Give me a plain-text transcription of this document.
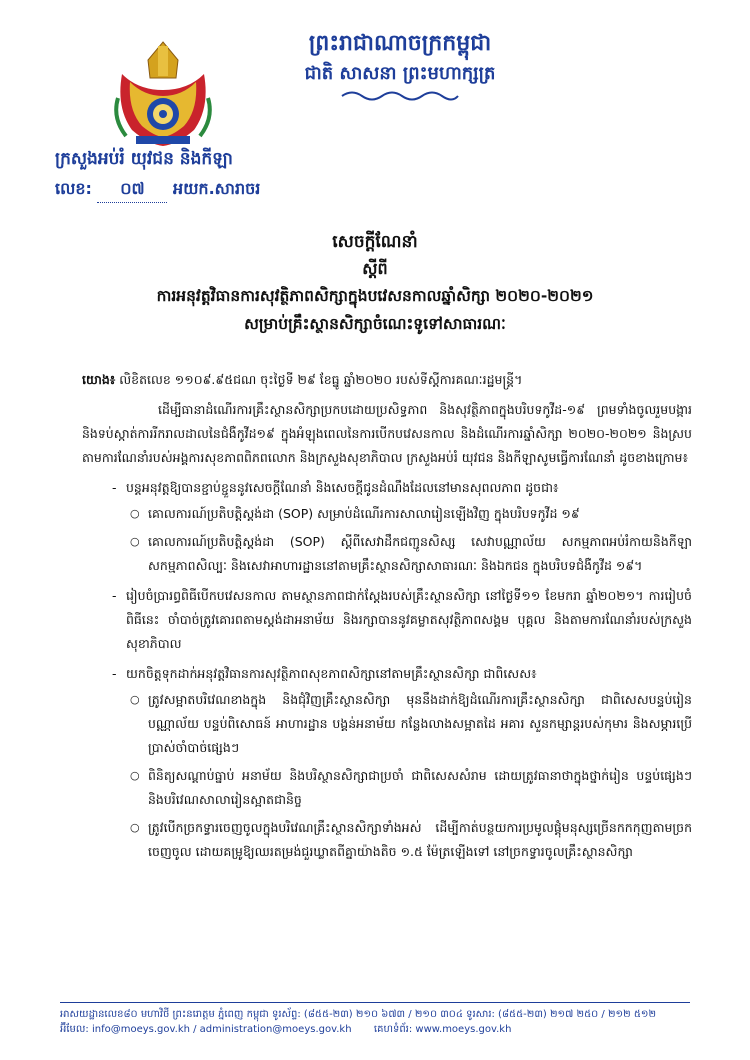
ព្រះរាជាណាចក្រកម្ពុជា
ជាតិ សាសនា ព្រះមហាក្សត្រ
ក្រសួងអប់រំ យុវជន និងកីឡា
លេខ: ០៧ អយក.សារាចរ
សេចក្តីណែនាំ
ស្តីពី
ការអនុវត្តវិធានការសុវត្ថិភាពសិក្សាក្នុងបវេសនកាលឆ្នាំសិក្សា ២០២០-២០២១
សម្រាប់គ្រឹះស្ថានសិក្សាចំណេះទូទៅសាធារណៈ

យោង៖ លិខិតលេខ ១១០៩.៩៥ជណ ចុះថ្ងៃទី ២៩ ខែធ្នូ ឆ្នាំ២០២០ របស់ទីស្តីការគណៈរដ្ឋមន្ត្រី។

ដើម្បីធានាដំណើរការគ្រឹះស្ថានសិក្សាប្រកបដោយប្រសិទ្ធភាព និងសុវត្ថិភាពក្នុងបរិបទកូវីដ-១៩ ព្រមទាំងចូលរួមបង្ការ និងទប់ស្កាត់ការរីករាលដាលនៃជំងឺកូវីដ១៩ ក្នុងអំឡុងពេលនៃការបើកបវេសនកាល និងដំណើរការឆ្នាំសិក្សា ២០២០-២០២១ និងស្របតាមការណែនាំរបស់អង្គការសុខភាពពិភពលោក និងក្រសួងសុខាភិបាល ក្រសួងអប់រំ យុវជន និងកីឡាសូមធ្វើការណែនាំ ដូចខាងក្រោម៖

- បន្តអនុវត្តឱ្យបានខ្ជាប់ខ្ជួននូវសេចក្តីណែនាំ និងសេចក្តីជូនដំណឹងដែលនៅមានសុពលភាព ដូចជា៖
○ គោលការណ៍ប្រតិបត្តិស្តង់ដា (SOP) សម្រាប់ដំណើរការសាលារៀនឡើងវិញ ក្នុងបរិបទកូវីដ ១៩
○ គោលការណ៍ប្រតិបត្តិស្តង់ដា (SOP) ស្តីពីសេវាដឹកជញ្ជូនសិស្ស សេវាបណ្ណាល័យ សកម្មភាពអប់រំកាយនិងកីឡា សកម្មភាពសិល្បៈ និងសេវាអាហារដ្ឋាននៅតាមគ្រឹះស្ថានសិក្សាសាធារណៈ និងឯកជន ក្នុងបរិបទជំងឺកូវីដ ១៩។
- រៀបចំប្រារព្ធពិធីបើកបវេសនកាល តាមស្ថានភាពជាក់ស្តែងរបស់គ្រឹះស្ថានសិក្សា នៅថ្ងៃទី១១ ខែមករា ឆ្នាំ២០២១។ ការរៀបចំពិធីនេះ ចាំបាច់ត្រូវគោរពតាមស្តង់ដាអនាម័យ និងរក្សាបាននូវគម្លាតសុវត្ថិភាពសង្គម បុគ្គល និងតាមការណែនាំរបស់ក្រសួងសុខាភិបាល
- យកចិត្តទុកដាក់អនុវត្តវិធានការសុវត្ថិភាពសុខភាពសិក្សានៅតាមគ្រឹះស្ថានសិក្សា ជាពិសេស៖
○ ត្រូវសម្អាតបរិវេណខាងក្នុង និងជុំវិញគ្រឹះស្ថានសិក្សា មុននឹងដាក់ឱ្យដំណើរការគ្រឹះស្ថានសិក្សា ជាពិសេសបន្ទប់រៀន បណ្ណាល័យ បន្ទប់ពិសោធន៍ អាហារដ្ឋាន បង្គន់អនាម័យ កន្លែងលាងសម្អាតដៃ អគារ សួនកម្សាន្តរបស់កុមារ និងសម្ភារប្រើប្រាស់ចាំបាច់ផ្សេងៗ
○ ពិនិត្យសណ្តាប់ធ្នាប់ អនាម័យ និងបរិស្ថានសិក្សាជាប្រចាំ ជាពិសេសសំរាម ដោយត្រូវធានាថាក្នុងថ្នាក់រៀន បន្ទប់ផ្សេងៗ និងបរិវេណសាលារៀនស្អាតជានិច្ច
○ ត្រូវបើកច្រកទ្វារចេញចូលក្នុងបរិវេណគ្រឹះស្ថានសិក្សាទាំងអស់ ដើម្បីកាត់បន្ថយការប្រមូលផ្តុំមនុស្សច្រើនកកកុញតាមច្រកចេញចូល ដោយគម្រូឱ្យឈរតម្រង់ជួរឃ្លាតពីគ្នាយ៉ាងតិច ១.៥ ម៉ែត្រឡើងទៅ នៅច្រកទ្វារចូលគ្រឹះស្ថានសិក្សា
អាសយដ្ឋានលេខ៨០ មហាវិថី ព្រះនរោត្តម ភ្នំពេញ កម្ពុជា ទូរស័ព្ទ: (៨៥៥-២៣) ២១០ ៦៧៣ / ២១០ ៣០៤ ទូរសារ: (៨៥៥-២៣) ២១៧ ២៥០ / ២១២ ៥១២
អ៊ីមែល: info@moeys.gov.kh / administration@moeys.gov.kh គេហទំព័រ: www.moeys.gov.kh
